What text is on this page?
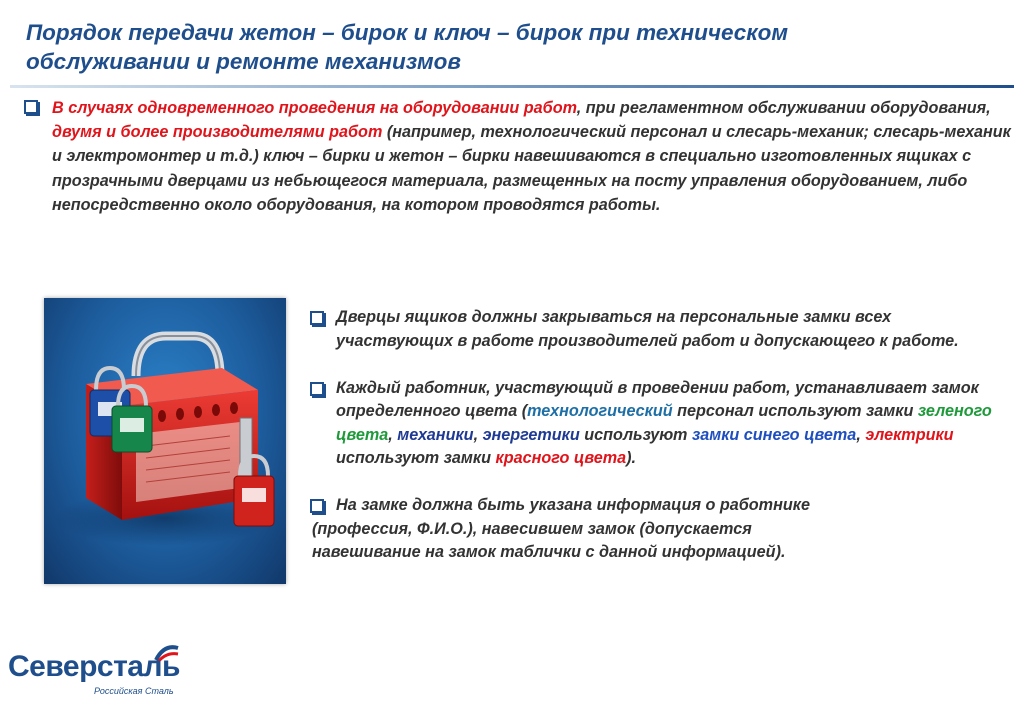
Порядок передачи жетон – бирок и ключ – бирок при техническом
обслуживании и ремонте механизмов
В случаях одновременного проведения на оборудовании работ, при регламентном обслуживании оборудования, двумя и более производителями работ (например, технологический персонал и слесарь-механик; слесарь-механик и электромонтер и т.д.) ключ – бирки и жетон – бирки навешиваются в специально изготовленных ящиках с прозрачными дверцами из небьющегося материала, размещенных на посту управления оборудованием, либо непосредственно около оборудования, на котором проводятся работы.
Дверцы ящиков должны закрываться на персональные замки всех участвующих в работе производителей работ и допускающего к работе.
Каждый работник, участвующий в проведении работ, устанавливает замок определенного цвета (технологический персонал используют замки зеленого цвета, механики, энергетики используют замки синего цвета, электрики используют замки красного цвета).
На замке должна быть указана информация о работнике
(профессия, Ф.И.О.), навесившем замок (допускается
навешивание на замок таблички с данной информацией).
Северсталь
Российская Сталь
